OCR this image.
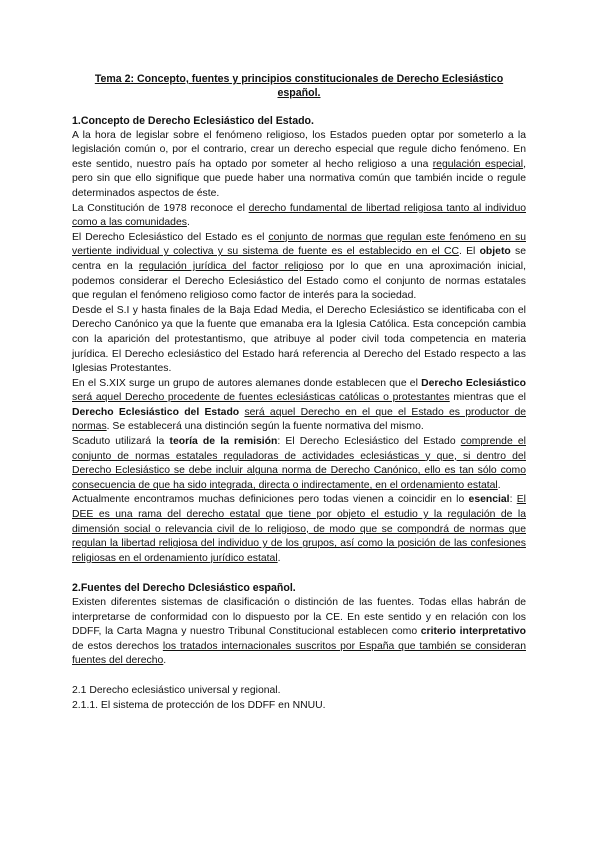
Tema 2: Concepto, fuentes y principios constitucionales de Derecho Eclesiástico español.
1.Concepto de Derecho Eclesiástico del Estado.

A la hora de legislar sobre el fenómeno religioso, los Estados pueden optar por someterlo a la legislación común o, por el contrario, crear un derecho especial que regule dicho fenómeno. En este sentido, nuestro país ha optado por someter al hecho religioso a una regulación especial, pero sin que ello signifique que puede haber una normativa común que también incide o regule determinados aspectos de éste.

La Constitución de 1978 reconoce el derecho fundamental de libertad religiosa tanto al individuo como a las comunidades.

El Derecho Eclesiástico del Estado es el conjunto de normas que regulan este fenómeno en su vertiente individual y colectiva y su sistema de fuente es el establecido en el CC. El objeto se centra en la regulación jurídica del factor religioso por lo que en una aproximación inicial, podemos considerar el Derecho Eclesiástico del Estado como el conjunto de normas estatales que regulan el fenómeno religioso como factor de interés para la sociedad.

Desde el S.I y hasta finales de la Baja Edad Media, el Derecho Eclesiástico se identificaba con el Derecho Canónico ya que la fuente que emanaba era la Iglesia Católica. Esta concepción cambia con la aparición del protestantismo, que atribuye al poder civil toda competencia en materia jurídica. El Derecho eclesiástico del Estado hará referencia al Derecho del Estado respecto a las Iglesias Protestantes.

En el S.XIX surge un grupo de autores alemanes donde establecen que el Derecho Eclesiástico será aquel Derecho procedente de fuentes eclesiásticas católicas o protestantes mientras que el Derecho Eclesiástico del Estado será aquel Derecho en el que el Estado es productor de normas. Se establecerá una distinción según la fuente normativa del mismo.

Scaduto utilizará la teoría de la remisión: El Derecho Eclesiástico del Estado comprende el conjunto de normas estatales reguladoras de actividades eclesiásticas y que, si dentro del Derecho Eclesiástico se debe incluir alguna norma de Derecho Canónico, ello es tan sólo como consecuencia de que ha sido integrada, directa o indirectamente, en el ordenamiento estatal.

Actualmente encontramos muchas definiciones pero todas vienen a coincidir en lo esencial: El DEE es una rama del derecho estatal que tiene por objeto el estudio y la regulación de la dimensión social o relevancia civil de lo religioso, de modo que se compondrá de normas que regulan la libertad religiosa del individuo y de los grupos, así como la posición de las confesiones religiosas en el ordenamiento jurídico estatal.

2.Fuentes del Derecho Dclesiástico español.

Existen diferentes sistemas de clasificación o distinción de las fuentes. Todas ellas habrán de interpretarse de conformidad con lo dispuesto por la CE. En este sentido y en relación con los DDFF, la Carta Magna y nuestro Tribunal Constitucional establecen como criterio interpretativo de estos derechos los tratados internacionales suscritos por España que también se consideran fuentes del derecho.

2.1 Derecho eclesiástico universal y regional.

2.1.1. El sistema de protección de los DDFF en NNUU.
